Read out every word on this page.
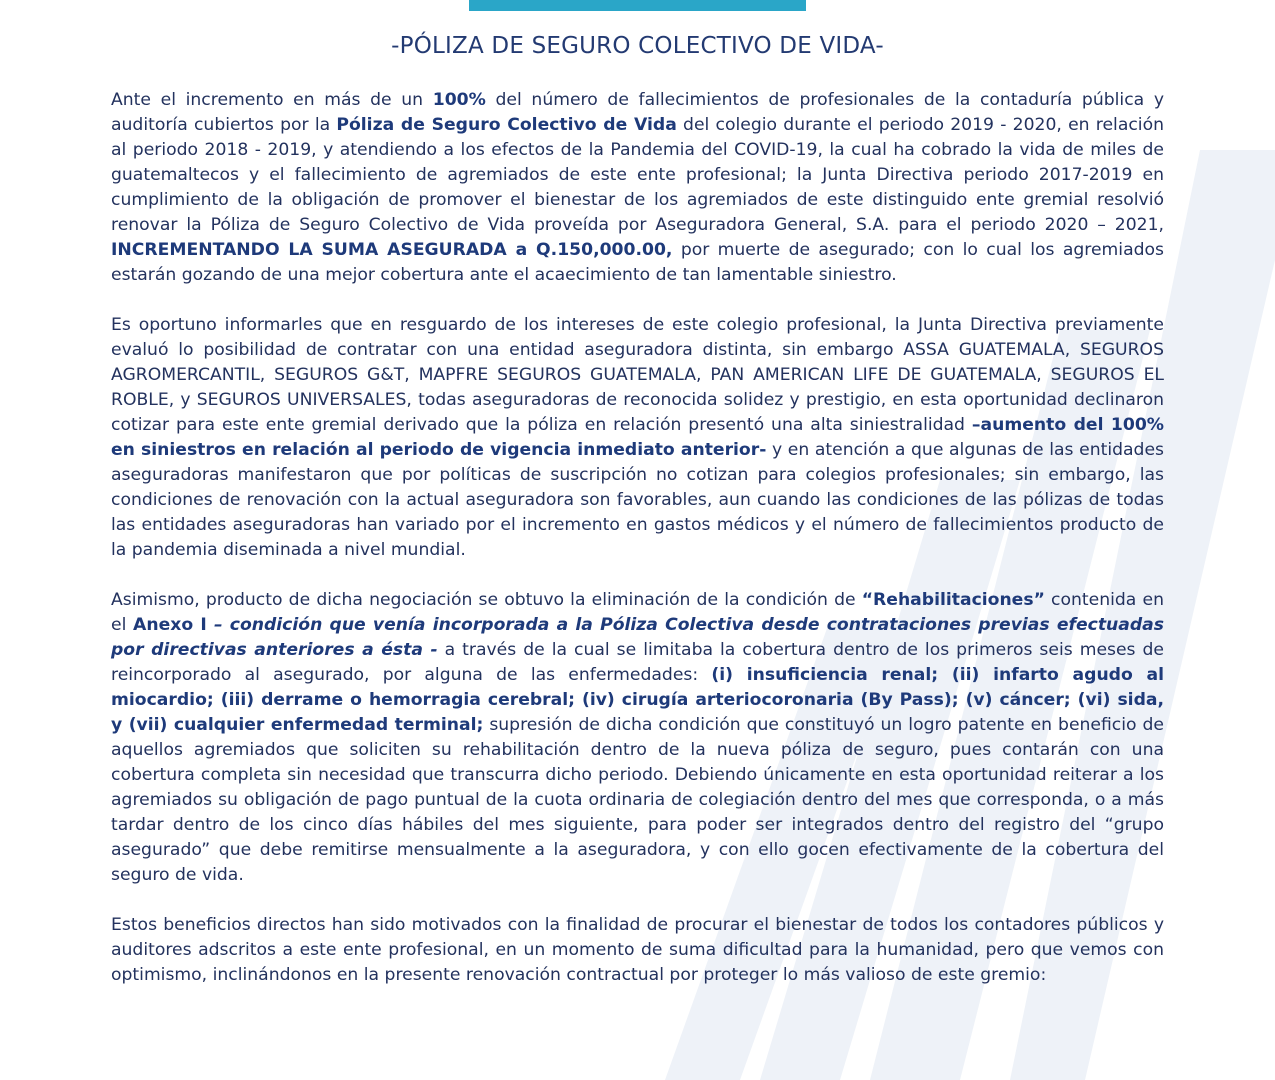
-PÓLIZA DE SEGURO COLECTIVO DE VIDA-

Ante el incremento en más de un 100% del número de fallecimientos de profesionales de la contaduría pública y auditoría cubiertos por la Póliza de Seguro Colectivo de Vida del colegio durante el periodo 2019 - 2020, en relación al periodo 2018 - 2019, y atendiendo a los efectos de la Pandemia del COVID-19, la cual ha cobrado la vida de miles de guatemaltecos y el fallecimiento de agremiados de este ente profesional; la Junta Directiva periodo 2017-2019 en cumplimiento de la obligación de promover el bienestar de los agremiados de este distinguido ente gremial resolvió renovar la Póliza de Seguro Colectivo de Vida proveída por Aseguradora General, S.A. para el periodo 2020 – 2021, INCREMENTANDO LA SUMA ASEGURADA a Q.150,000.00, por muerte de asegurado; con lo cual los agremiados estarán gozando de una mejor cobertura ante el acaecimiento de tan lamentable siniestro.

Es oportuno informarles que en resguardo de los intereses de este colegio profesional, la Junta Directiva previamente evaluó lo posibilidad de contratar con una entidad aseguradora distinta, sin embargo ASSA GUATEMALA, SEGUROS AGROMERCANTIL, SEGUROS G&T, MAPFRE SEGUROS GUATEMALA, PAN AMERICAN LIFE DE GUATEMALA, SEGUROS EL ROBLE, y SEGUROS UNIVERSALES, todas aseguradoras de reconocida solidez y prestigio, en esta oportunidad declinaron cotizar para este ente gremial derivado que la póliza en relación presentó una alta siniestralidad –aumento del 100% en siniestros en relación al periodo de vigencia inmediato anterior- y en atención a que algunas de las entidades aseguradoras manifestaron que por políticas de suscripción no cotizan para colegios profesionales; sin embargo, las condiciones de renovación con la actual aseguradora son favorables, aun cuando las condiciones de las pólizas de todas las entidades aseguradoras han variado por el incremento en gastos médicos y el número de fallecimientos producto de la pandemia diseminada a nivel mundial.

Asimismo, producto de dicha negociación se obtuvo la eliminación de la condición de “Rehabilitaciones” contenida en el Anexo I – condición que venía incorporada a la Póliza Colectiva desde contrataciones previas efectuadas por directivas anteriores a ésta - a través de la cual se limitaba la cobertura dentro de los primeros seis meses de reincorporado al asegurado, por alguna de las enfermedades: (i) insuficiencia renal; (ii) infarto agudo al miocardio; (iii) derrame o hemorragia cerebral; (iv) cirugía arteriocoronaria (By Pass); (v) cáncer; (vi) sida, y (vii) cualquier enfermedad terminal; supresión de dicha condición que constituyó un logro patente en beneficio de aquellos agremiados que soliciten su rehabilitación dentro de la nueva póliza de seguro, pues contarán con una cobertura completa sin necesidad que transcurra dicho periodo. Debiendo únicamente en esta oportunidad reiterar a los agremiados su obligación de pago puntual de la cuota ordinaria de colegiación dentro del mes que corresponda, o a más tardar dentro de los cinco días hábiles del mes siguiente, para poder ser integrados dentro del registro del “grupo asegurado” que debe remitirse mensualmente a la aseguradora, y con ello gocen efectivamente de la cobertura del seguro de vida.

Estos beneficios directos han sido motivados con la finalidad de procurar el bienestar de todos los contadores públicos y auditores adscritos a este ente profesional, en un momento de suma dificultad para la humanidad, pero que vemos con optimismo, inclinándonos en la presente renovación contractual por proteger lo más valioso de este gremio:
